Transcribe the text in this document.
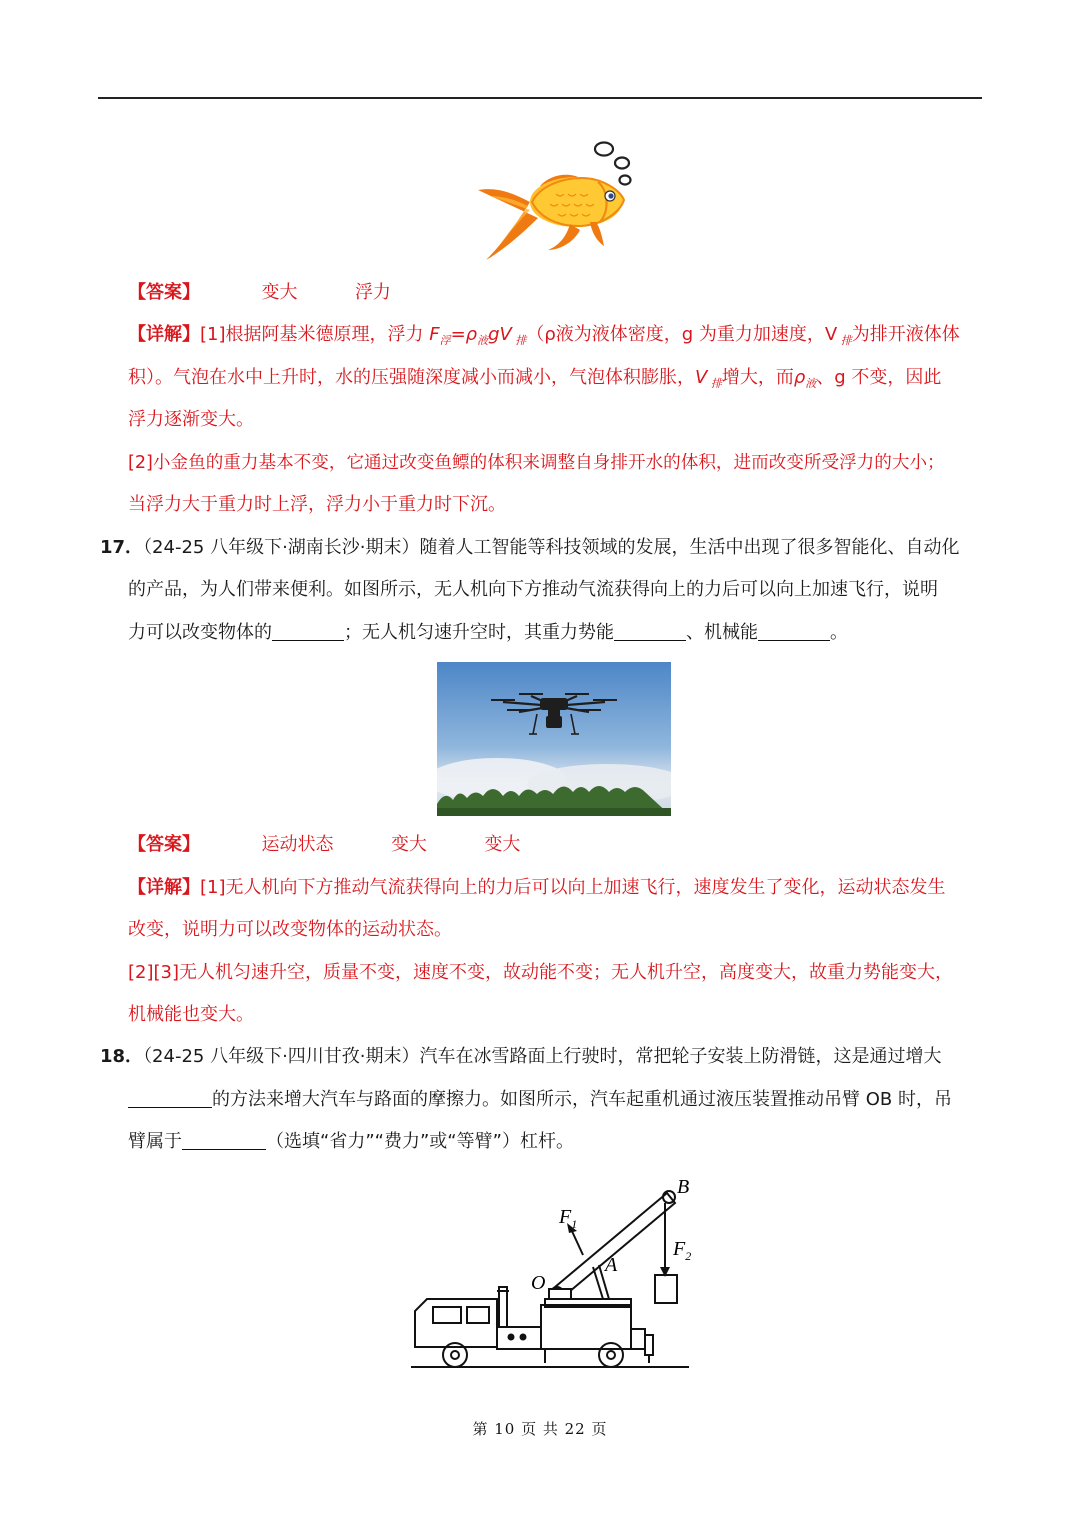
【答案】	变大	浮力
【详解】[1]根据阿基米德原理，浮力 $F_浮=\rho_液gV$ $_排$（ρ液为液体密度，g 为重力加速度，V $_排$为排开液体体
积）。气泡在水中上升时，水的压强随深度减小而减小，气泡体积膨胀，V $_排$增大，而$\rho_液$、g 不变，因此
浮力逐渐变大。
[2]小金鱼的重力基本不变，它通过改变鱼鳔的体积来调整自身排开水的体积，进而改变所受浮力的大小；
当浮力大于重力时上浮，浮力小于重力时下沉。
17．（24-25 八年级下·湖南长沙·期末）随着人工智能等科技领域的发展，生活中出现了很多智能化、自动化
的产品，为人们带来便利。如图所示，无人机向下方推动气流获得向上的力后可以向上加速飞行，说明
力可以改变物体的	；无人机匀速升空时，其重力势能	、机械能	。
【答案】	运动状态	变大	变大
【详解】[1]无人机向下方推动气流获得向上的力后可以向上加速飞行，速度发生了变化，运动状态发生
改变，说明力可以改变物体的运动状态。
[2][3]无人机匀速升空，质量不变，速度不变，故动能不变；无人机升空，高度变大，故重力势能变大，
机械能也变大。
18．（24-25 八年级下·四川甘孜·期末）汽车在冰雪路面上行驶时，常把轮子安装上防滑链，这是通过增大
的方法来增大汽车与路面的摩擦力。如图所示，汽车起重机通过液压装置推动吊臂 OB 时，吊
臂属于	（选填“省力”“费力”或“等臂”）杠杆。
B
$F_1$
$F_2$
O
A
第 10 页 共 22 页
